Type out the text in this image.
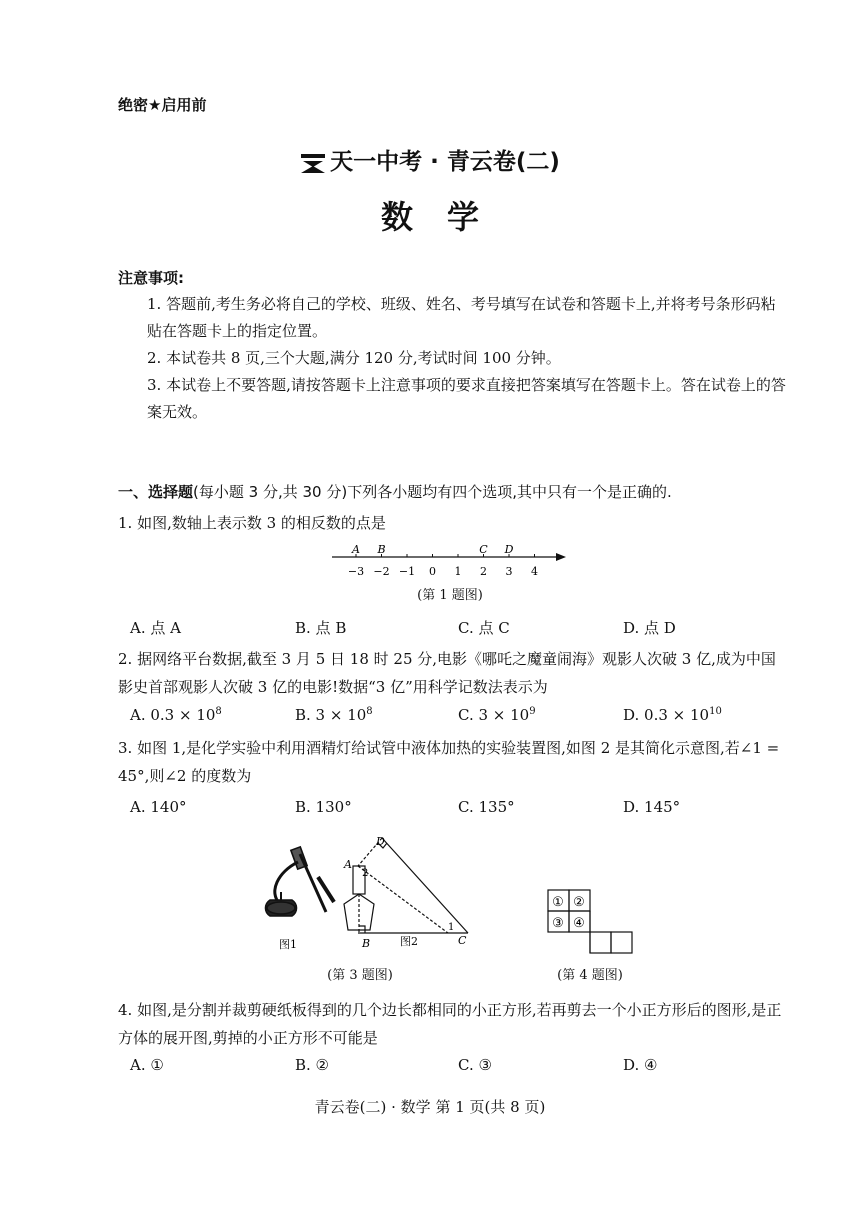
绝密★启用前
天一中考 · 青云卷(二)
数学
注意事项:
1. 答题前,考生务必将自己的学校、班级、姓名、考号填写在试卷和答题卡上,并将考号条形码粘贴在答题卡上的指定位置。
2. 本试卷共 8 页,三个大题,满分 120 分,考试时间 100 分钟。
3. 本试卷上不要答题,请按答题卡上注意事项的要求直接把答案填写在答题卡上。答在试卷上的答案无效。
一、选择题(每小题 3 分,共 30 分)下列各小题均有四个选项,其中只有一个是正确的.
1. 如图,数轴上表示数 3 的相反数的点是
−3 −2 −1 0 1 2 3 4
A B	C D
(第 1 题图)
A. 点 A	B. 点 B	C. 点 C	D. 点 D
2. 据网络平台数据,截至 3 月 5 日 18 时 25 分,电影《哪吒之魔童闹海》观影人次破 3 亿,成为中国影史首部观影人次破 3 亿的电影!数据“3 亿”用科学记数法表示为
A. $0.3 \times 10^8$	B. $3 \times 10^8$	C. $3 \times 10^9$	D. $0.3 \times 10^{10}$
3. 如图 1,是化学实验中利用酒精灯给试管中液体加热的实验装置图,如图 2 是其简化示意图,若∠1 = 45°,则∠2 的度数为
A. 140°	B. 130°	C. 135°	D. 145°
图1
D
A
B	C
1
2
图2
(第 3 题图)
① ②
③ ④
(第 4 题图)
4. 如图,是分割并裁剪硬纸板得到的几个边长都相同的小正方形,若再剪去一个小正方形后的图形,是正方体的展开图,剪掉的小正方形不可能是
A. ①	B. ②	C. ③	D. ④
青云卷(二) · 数学 第 1 页(共 8 页)
